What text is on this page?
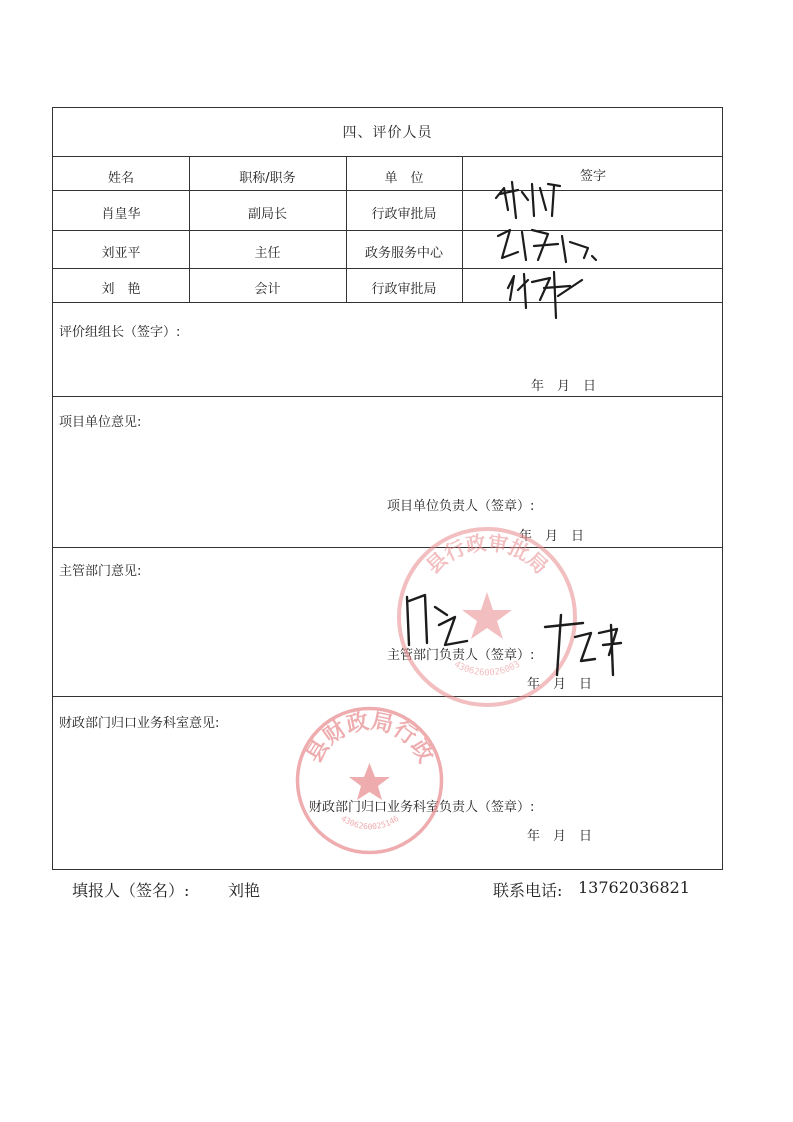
四、评价人员
姓名	职称/职务	单　位	签字
肖皇华	副局长	行政审批局
刘亚平	主任	政务服务中心
刘　艳	会计	行政审批局
评价组组长（签字）:
年　月　日
项目单位意见:
项目单位负责人（签章）:
年　月　日
主管部门意见:
主管部门负责人（签章）:
年　月　日
财政部门归口业务科室意见:
财政部门归口业务科室负责人（签章）:
年　月　日
县行政审批局
4306260026003
县财政局行政
4306260025146
填报人（签名）: 刘艳	联系电话: 13762036821
